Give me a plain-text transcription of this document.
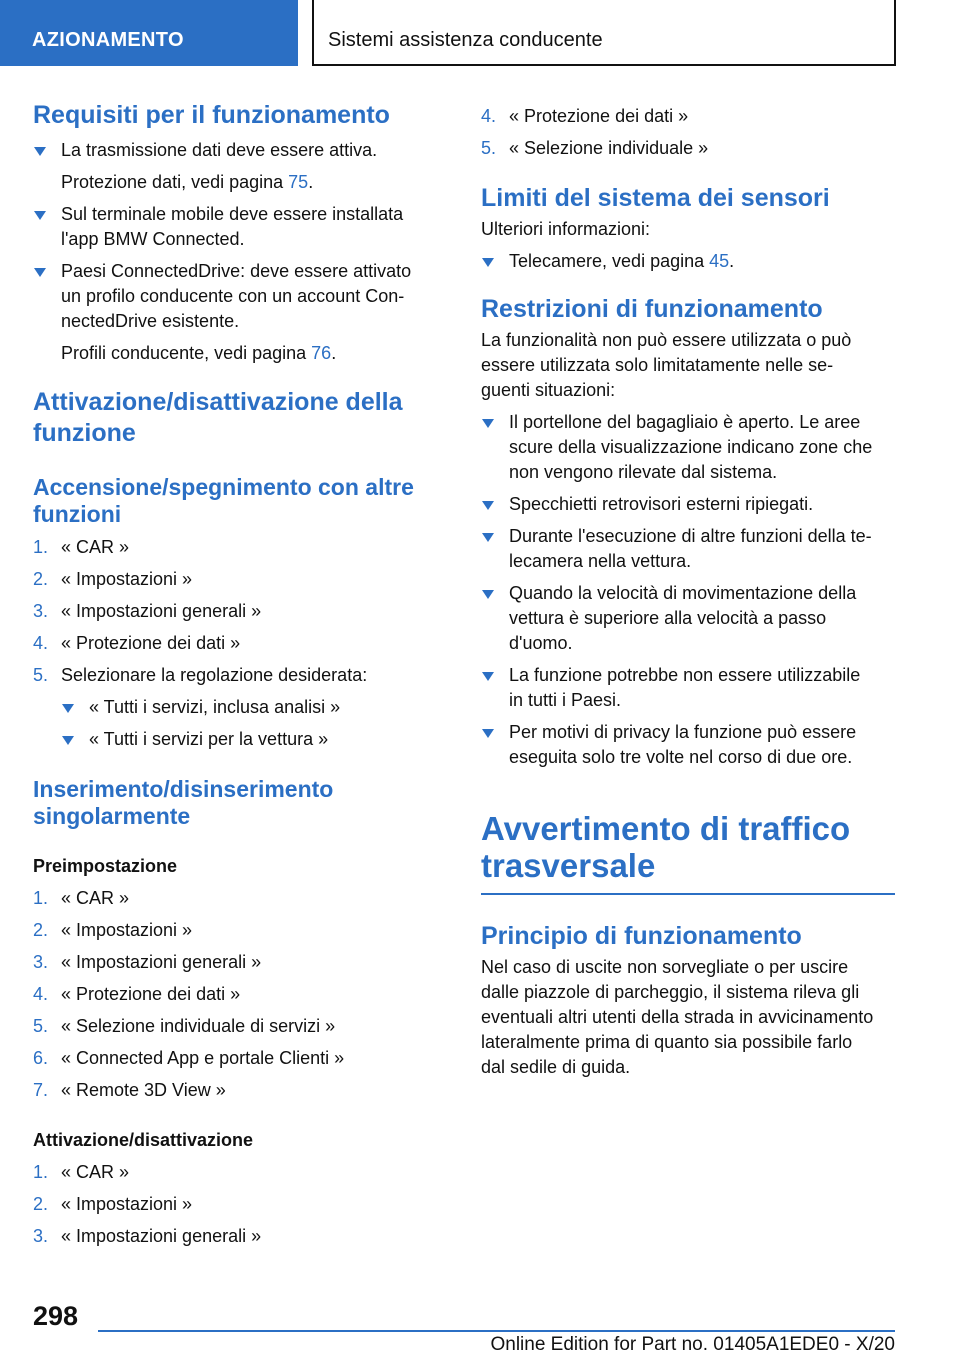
AZIONAMENTO	Sistemi assistenza conducente
Requisiti per il funzionamento
La trasmissione dati deve essere attiva.
Protezione dati, vedi pagina 75.
Sul terminale mobile deve essere installata
l'app BMW Connected.
Paesi ConnectedDrive: deve essere attivato
un profilo conducente con un account Con-
nectedDrive esistente.
Profili conducente, vedi pagina 76.
Attivazione/disattivazione della
funzione
Accensione/spegnimento con altre
funzioni
1. « CAR »
2. « Impostazioni »
3. « Impostazioni generali »
4. « Protezione dei dati »
5. Selezionare la regolazione desiderata:
« Tutti i servizi, inclusa analisi »
« Tutti i servizi per la vettura »
Inserimento/disinserimento
singolarmente
Preimpostazione
1. « CAR »
2. « Impostazioni »
3. « Impostazioni generali »
4. « Protezione dei dati »
5. « Selezione individuale di servizi »
6. « Connected App e portale Clienti »
7. « Remote 3D View »
Attivazione/disattivazione
1. « CAR »
2. « Impostazioni »
3. « Impostazioni generali »
4. « Protezione dei dati »
5. « Selezione individuale »
Limiti del sistema dei sensori
Ulteriori informazioni:
Telecamere, vedi pagina 45.
Restrizioni di funzionamento
La funzionalità non può essere utilizzata o può
essere utilizzata solo limitatamente nelle se-
guenti situazioni:
Il portellone del bagagliaio è aperto. Le aree
scure della visualizzazione indicano zone che
non vengono rilevate dal sistema.
Specchietti retrovisori esterni ripiegati.
Durante l'esecuzione di altre funzioni della te-
lecamera nella vettura.
Quando la velocità di movimentazione della
vettura è superiore alla velocità a passo
d'uomo.
La funzione potrebbe non essere utilizzabile
in tutti i Paesi.
Per motivi di privacy la funzione può essere
eseguita solo tre volte nel corso di due ore.
Avvertimento di traffico
trasversale
Principio di funzionamento
Nel caso di uscite non sorvegliate o per uscire
dalle piazzole di parcheggio, il sistema rileva gli
eventuali altri utenti della strada in avvicinamento
lateralmente prima di quanto sia possibile farlo
dal sedile di guida.
298
Online Edition for Part no. 01405A1EDE0 - X/20
